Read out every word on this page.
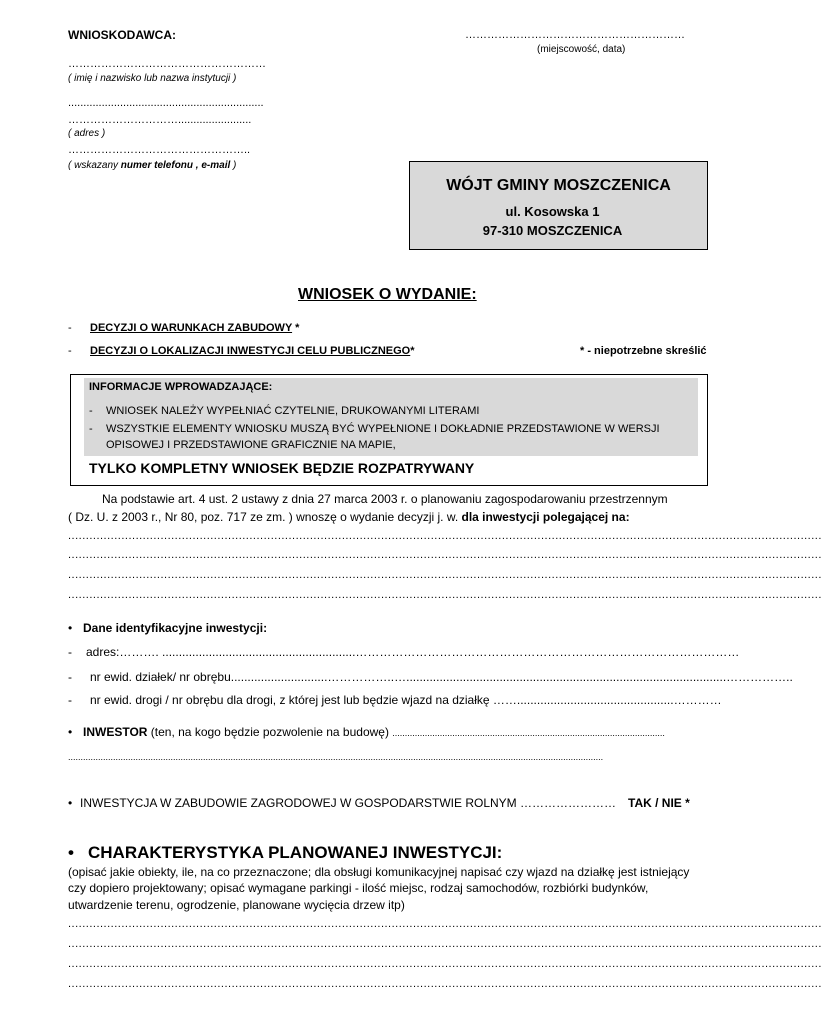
WNIOSKODAWCA:	……………………………………………………
(miejscowość, data)
………………………………………………
( imię i nazwisko lub nazwa instytucji )
................................................................
…………………………........................
( adres )
…………………………………………..
( wskazany numer telefonu , e-mail )
WÓJT GMINY MOSZCZENICA
ul. Kosowska 1
97-310 MOSZCZENICA
WNIOSEK O WYDANIE:
- DECYZJI O WARUNKACH ZABUDOWY *
- DECYZJI O LOKALIZACJI INWESTYCJI CELU PUBLICZNEGO*	* - niepotrzebne skreślić
INFORMACJE WPROWADZAJĄCE:
- WNIOSEK NALEŻY WYPEŁNIAĆ CZYTELNIE, DRUKOWANYMI LITERAMI
- WSZYSTKIE ELEMENTY WNIOSKU MUSZĄ BYĆ WYPEŁNIONE I DOKŁADNIE PRZEDSTAWIONE W WERSJI
OPISOWEJ I PRZEDSTAWIONE GRAFICZNIE NA MAPIE,
TYLKO KOMPLETNY WNIOSEK BĘDZIE ROZPATRYWANY
Na podstawie art. 4 ust. 2 ustawy z dnia 27 marca 2003 r. o planowaniu zagospodarowaniu przestrzennym
( Dz. U. z 2003 r., Nr 80, poz. 717 ze zm. ) wnoszę o wydanie decyzji j. w. dla inwestycji polegającej na:
....................................................................................................................................................................................................................
....................................................................................................................................................................................................................
....................................................................................................................................................................................................................
....................................................................................................................................................................................................................
• Dane identyfikacyjne inwestycji:
- adres:………. ..........................................................……………………………………………………………………………………
- nr ewid. działek/ nr obrębu.............................……………..…................................................................................................……………..
- nr ewid. drogi / nr obrębu dla drogi, z której jest lub będzie wjazd na działkę ……...............................................…………
• INWESTOR (ten, na kogo będzie pozwolenie na budowę) .............................................................................................................
......................................................................................................................................................................................................................
• INWESTYCJA W ZABUDOWIE ZAGRODOWEJ W GOSPODARSTWIE ROLNYM …………………… TAK / NIE *
• CHARAKTERYSTYKA PLANOWANEJ INWESTYCJI:
(opisać jakie obiekty, ile, na co przeznaczone; dla obsługi komunikacyjnej napisać czy wjazd na działkę jest istniejący
czy dopiero projektowany; opisać wymagane parkingi - ilość miejsc, rodzaj samochodów, rozbiórki budynków,
utwardzenie terenu, ogrodzenie, planowane wycięcia drzew itp)
....................................................................................................................................................................................................................
....................................................................................................................................................................................................................
....................................................................................................................................................................................................................
....................................................................................................................................................................................................................
